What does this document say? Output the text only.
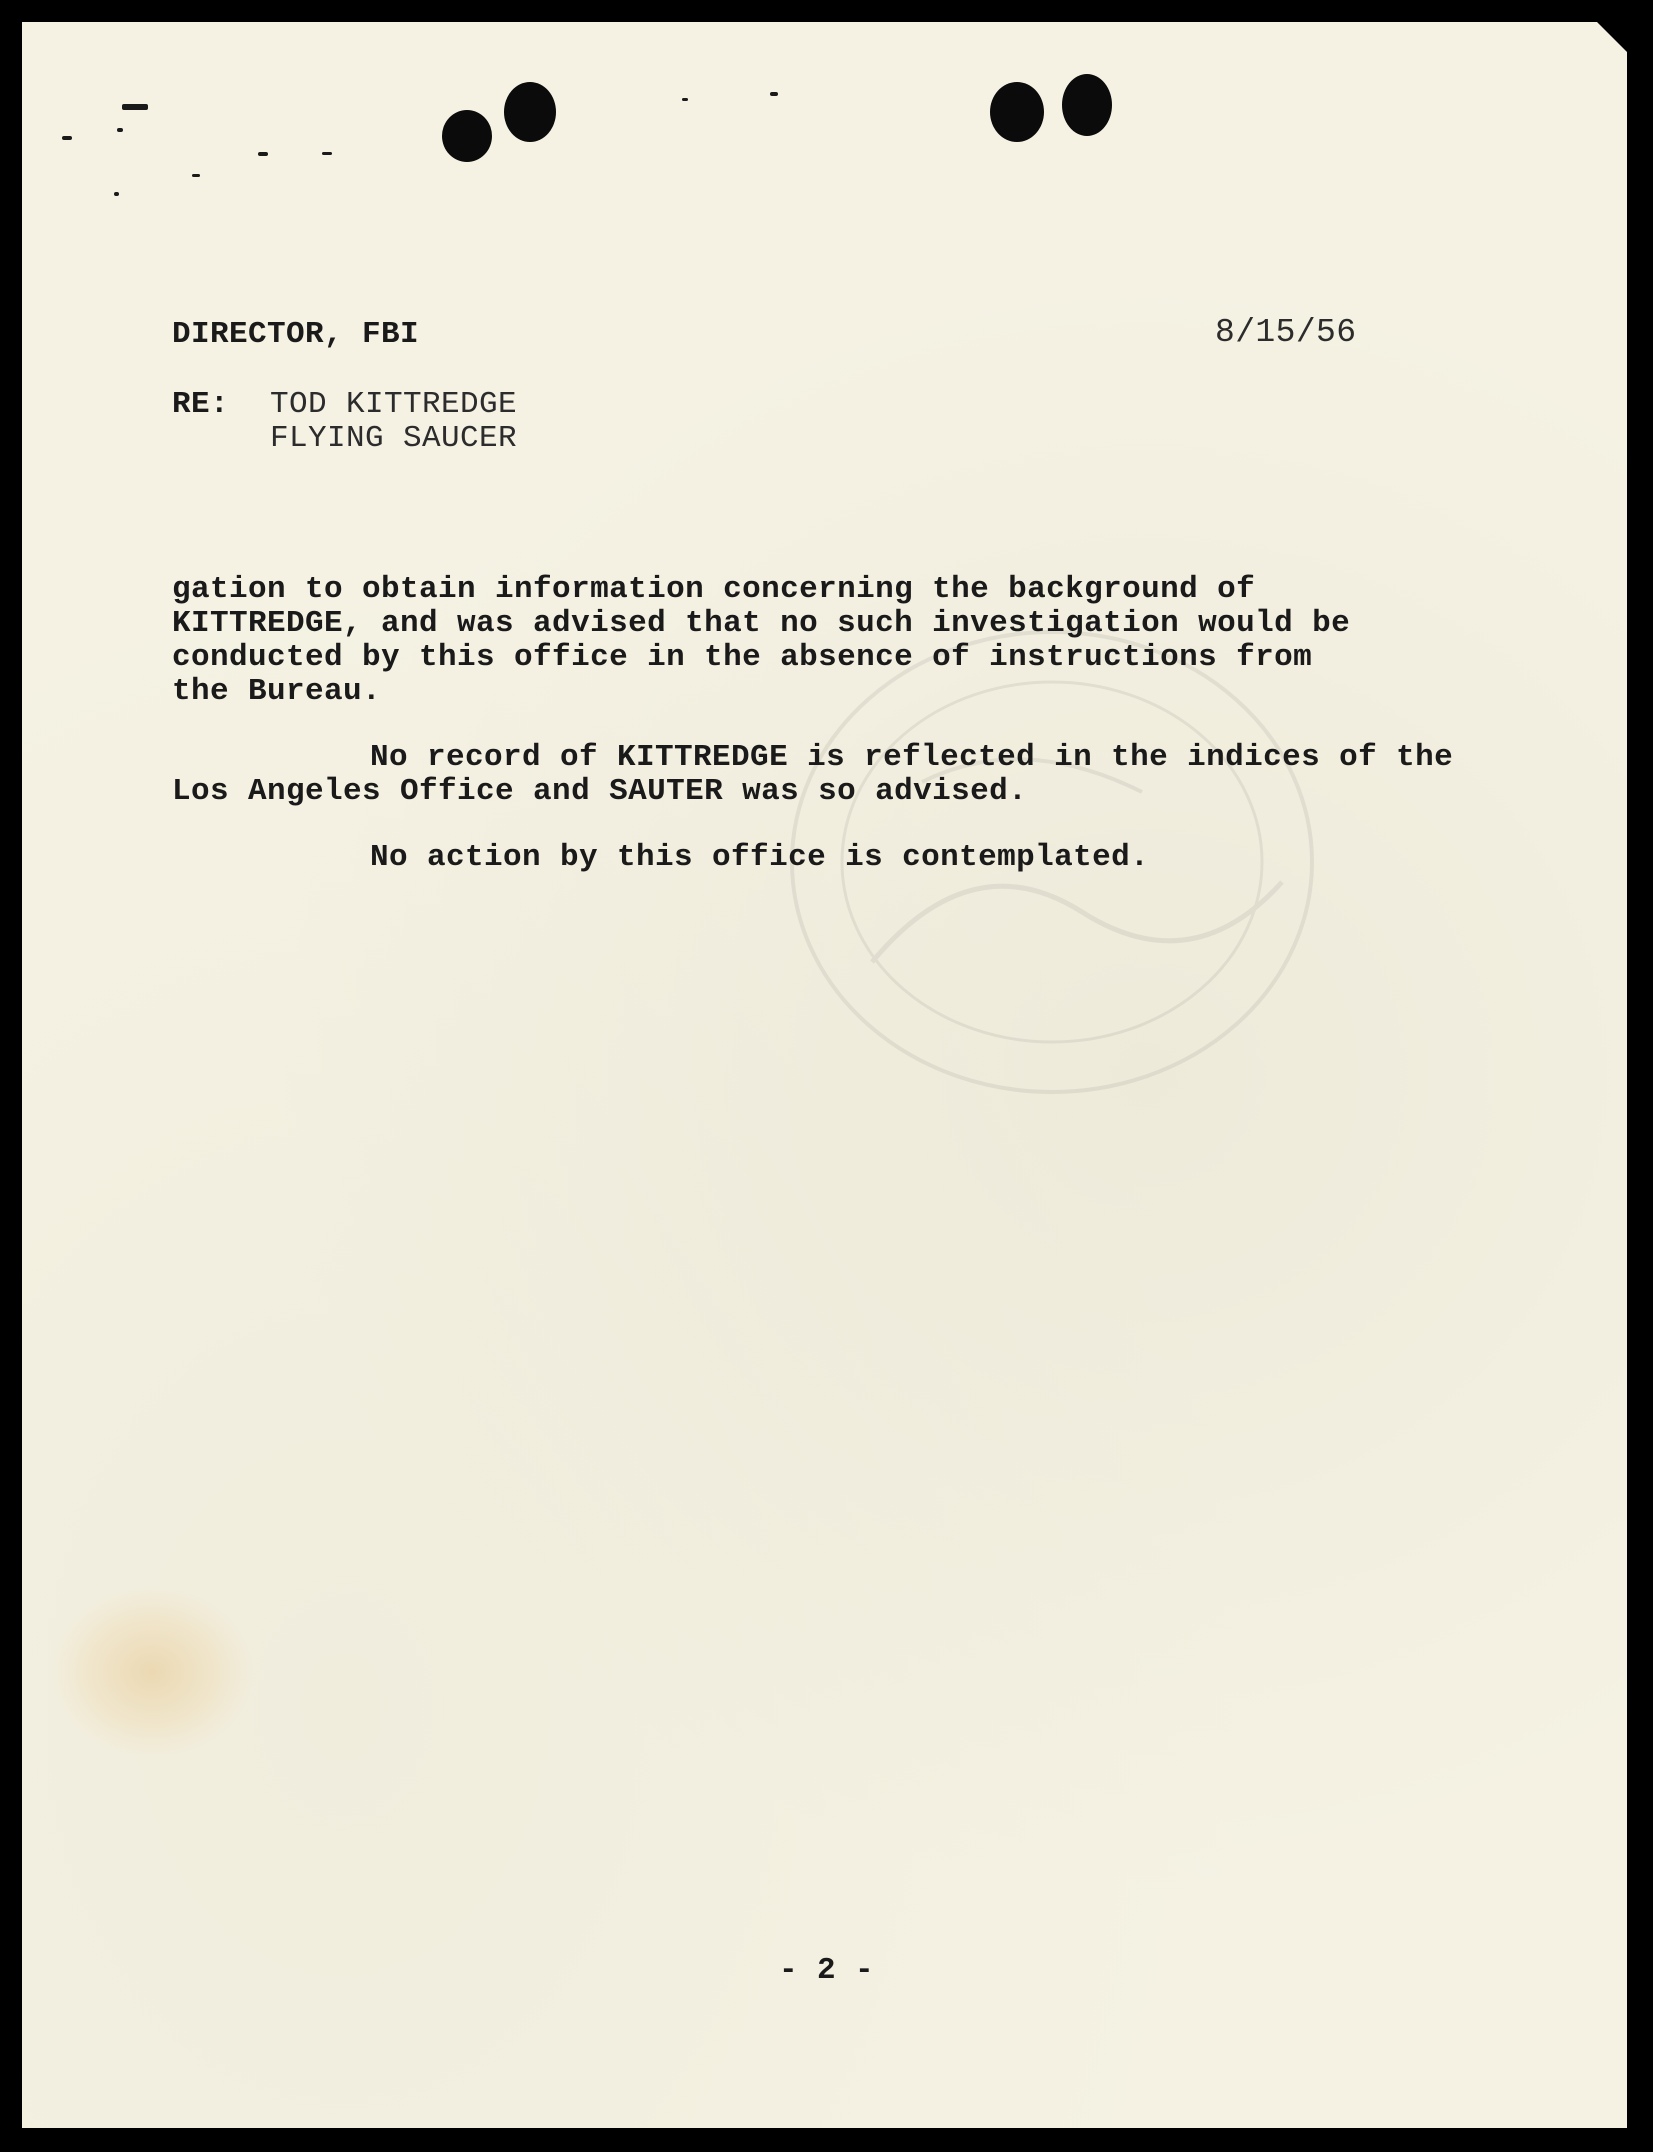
DIRECTOR, FBI	8/15/56
RE: TOD KITTREDGE
FLYING SAUCER
gation to obtain information concerning the background of
KITTREDGE, and was advised that no such investigation would be
conducted by this office in the absence of instructions from
the Bureau.
No record of KITTREDGE is reflected in the indices of the
Los Angeles Office and SAUTER was so advised.
No action by this office is contemplated.
- 2 -
